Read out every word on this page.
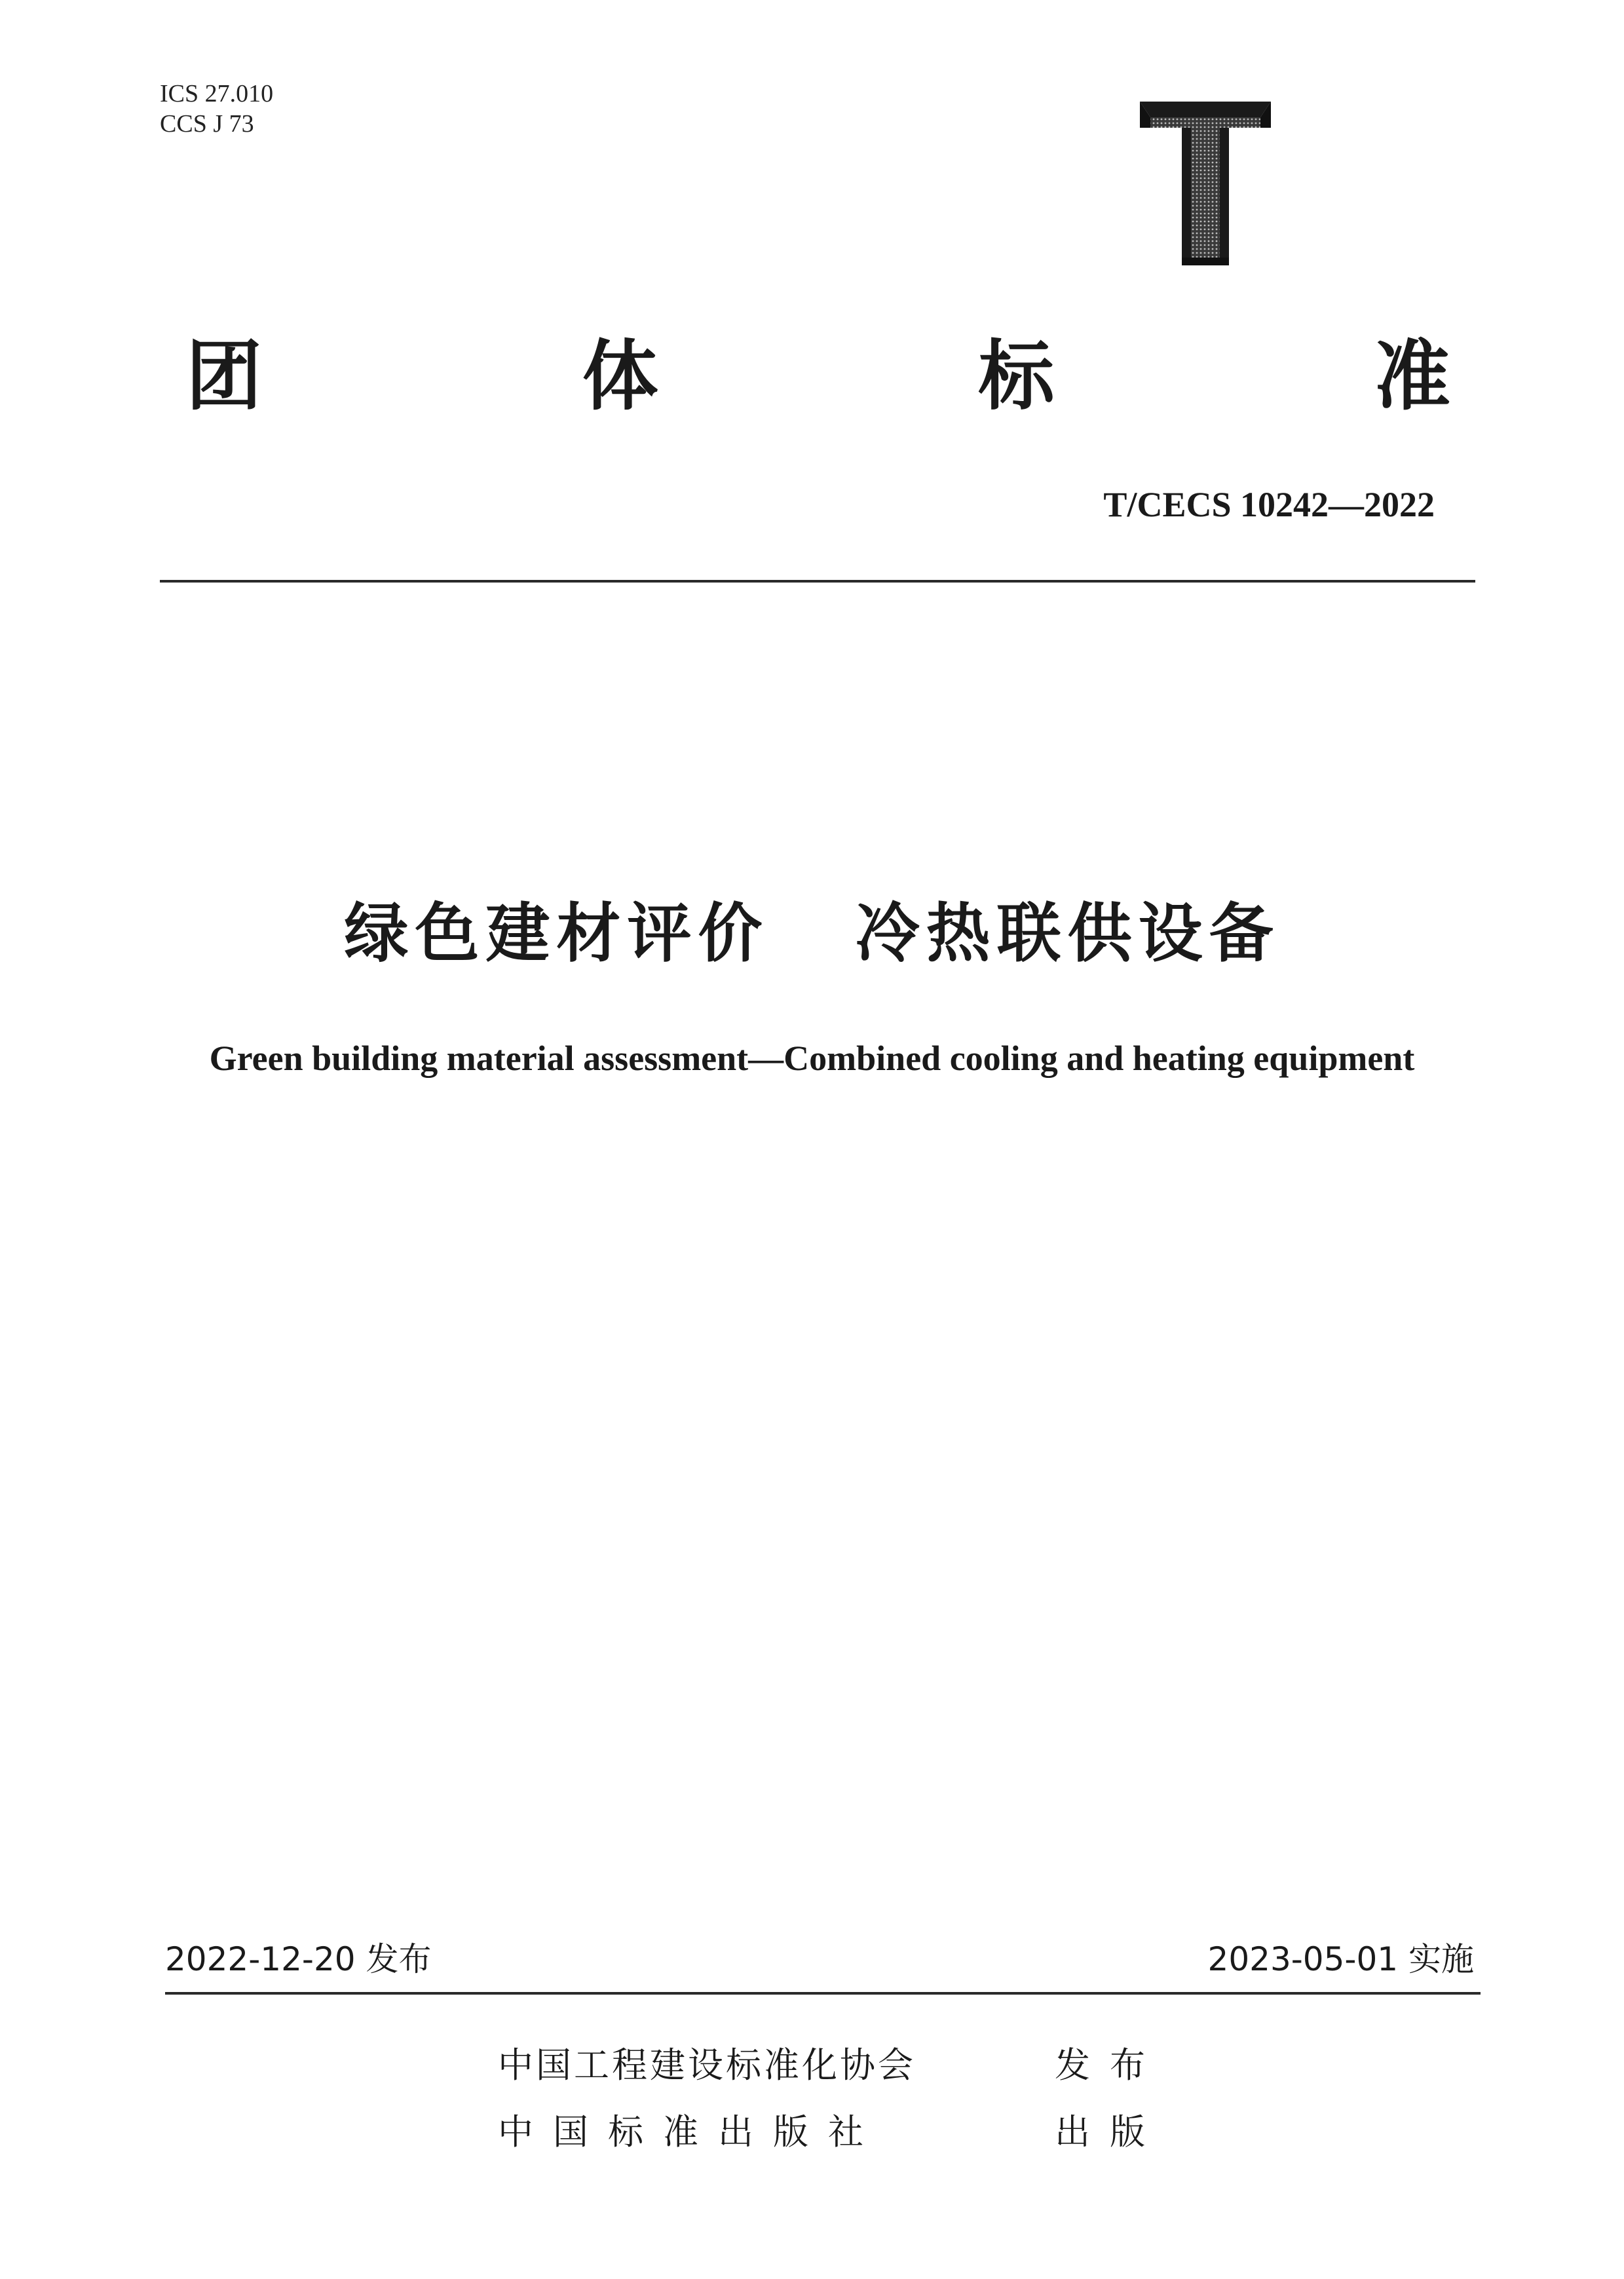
ICS 27.010
CCS J 73
团	体	标	准
T/CECS 10242—2022
绿色建材评价   冷热联供设备
Green building material assessment—Combined cooling and heating equipment
2022-12-20 发布	2023-05-01 实施
中国工程建设标准化协会	发布
中国标准出版社	出版
